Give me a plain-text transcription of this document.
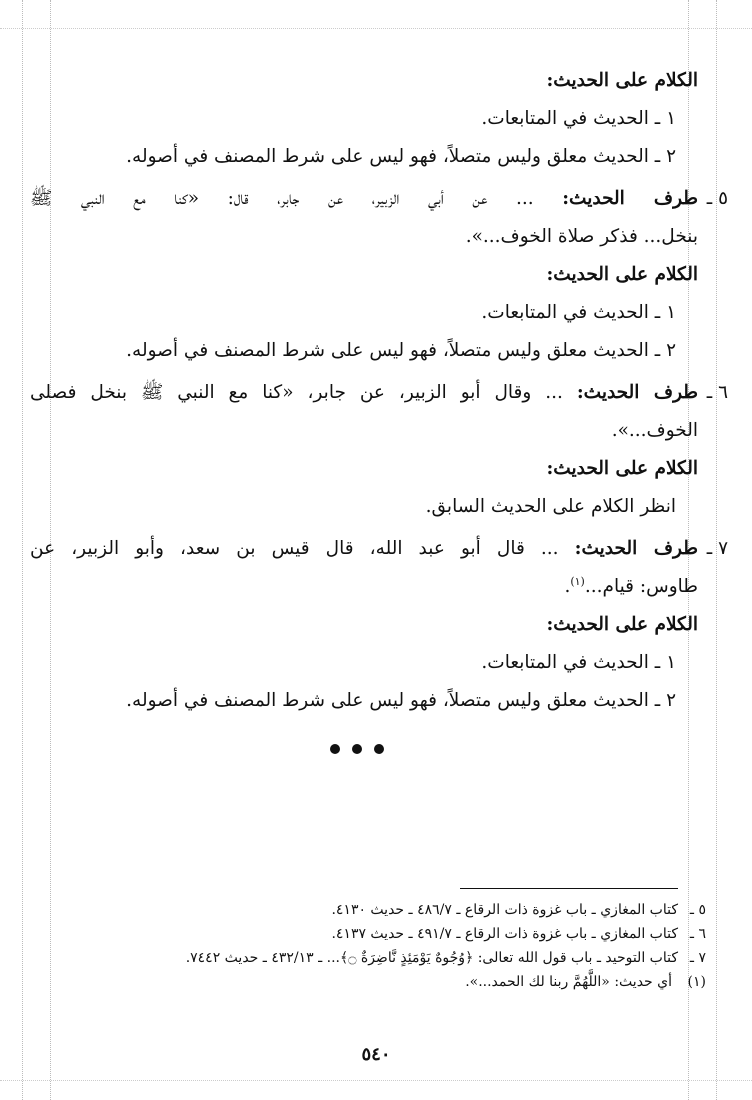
الكلام على الحديث:
١ ـ الحديث في المتابعات.
٢ ـ الحديث معلق وليس متصلاً، فهو ليس على شرط المصنف في أصوله.
٥ ـ
طرف الحديث: ... عن أبي الزبير، عن جابر، قال: «كنا مع النبي ﷺ
بنخل... فذكر صلاة الخوف...».
الكلام على الحديث:
١ ـ الحديث في المتابعات.
٢ ـ الحديث معلق وليس متصلاً، فهو ليس على شرط المصنف في أصوله.
٦ ـ
طرف الحديث: ... وقال أبو الزبير، عن جابر، «كنا مع النبي ﷺ بنخل فصلى
الخوف...».
الكلام على الحديث:
انظر الكلام على الحديث السابق.
٧ ـ
طرف الحديث: ... قال أبو عبد الله، قال قيس بن سعد، وأبو الزبير، عن
طاوس: قيام...$^{(١)}$.
الكلام على الحديث:
١ ـ الحديث في المتابعات.
٢ ـ الحديث معلق وليس متصلاً، فهو ليس على شرط المصنف في أصوله.
٥ ـ
كتاب المغازي ـ باب غزوة ذات الرقاع ـ ٤٨٦/٧ ـ حديث ٤١٣٠.
٦ ـ
كتاب المغازي ـ باب غزوة ذات الرقاع ـ ٤٩١/٧ ـ حديث ٤١٣٧.
٧ ـ
كتاب التوحيد ـ باب قول الله تعالى: ﴿وُجُوهٌ يَوْمَئِذٍ نَّاضِرَةٌ ۝﴾... ـ ٤٣٢/١٣ ـ حديث ٧٤٤٢.
(١)
أي حديث: «اللَّهُمَّ ربنا لك الحمد...».
٥٤٠
